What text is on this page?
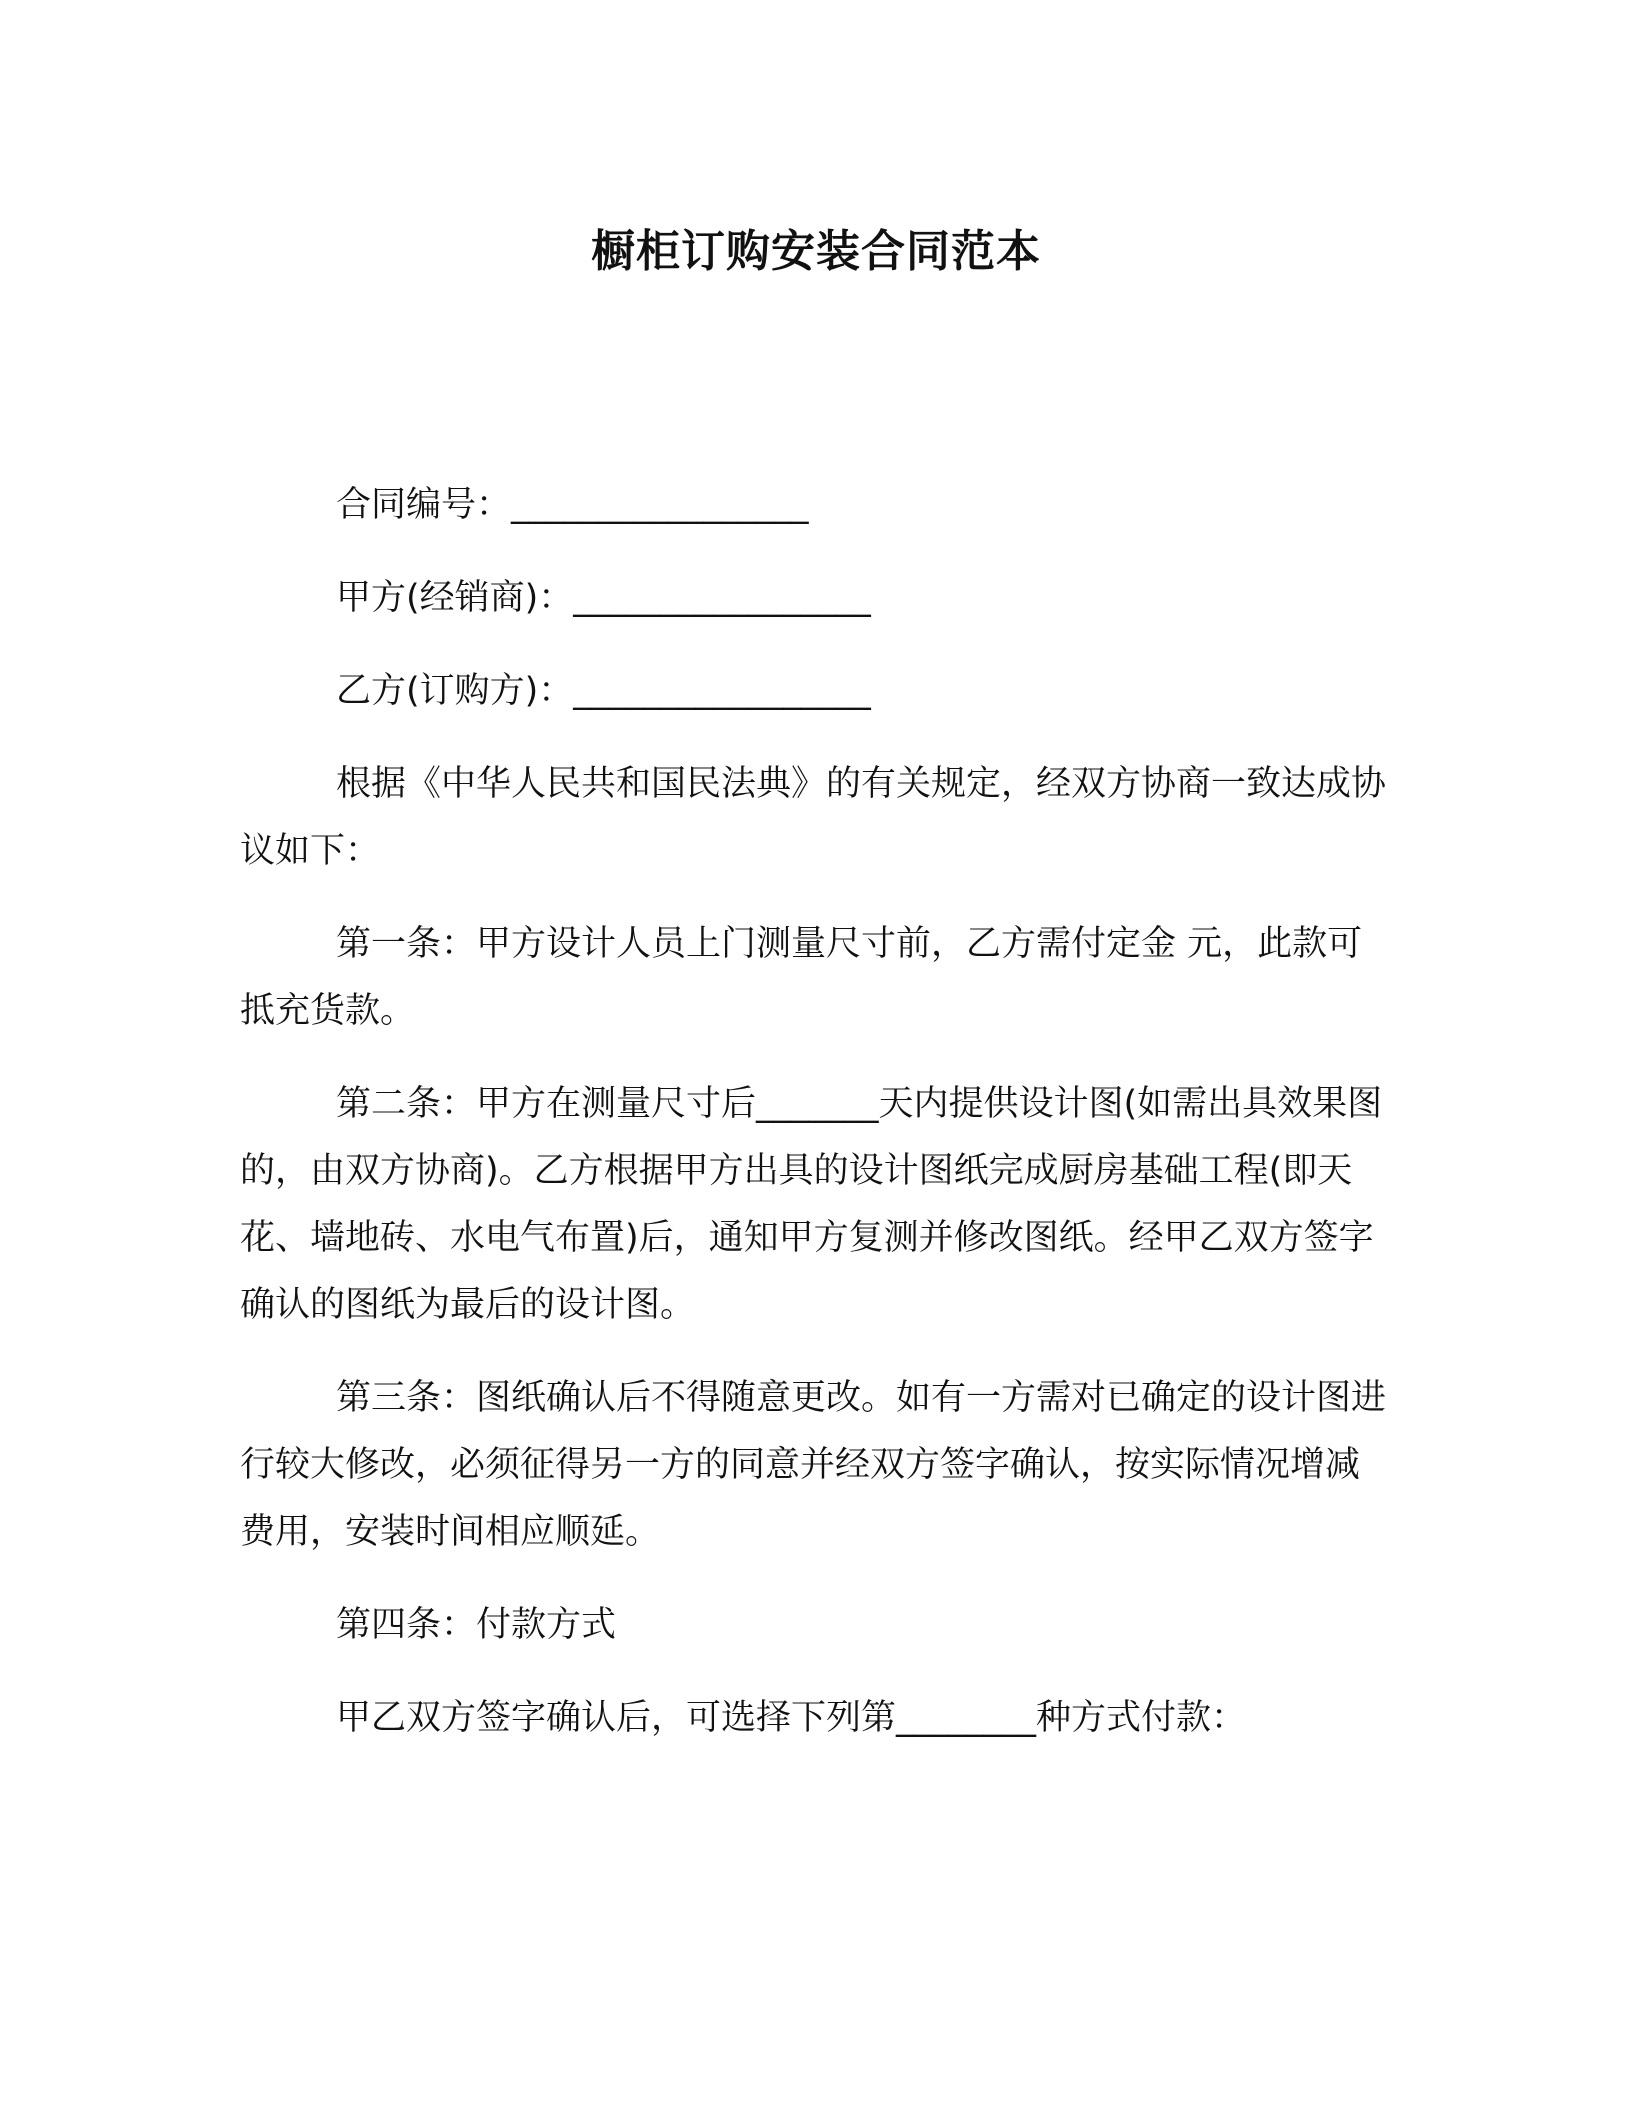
橱柜订购安装合同范本

合同编号：_________________

甲方(经销商)：_________________

乙方(订购方)：_________________

根据《中华人民共和国民法典》的有关规定，经双方协商一致达成协议如下：

第一条：甲方设计人员上门测量尺寸前，乙方需付定金 元，此款可抵充货款。

第二条：甲方在测量尺寸后_______天内提供设计图(如需出具效果图的，由双方协商)。乙方根据甲方出具的设计图纸完成厨房基础工程(即天花、墙地砖、水电气布置)后，通知甲方复测并修改图纸。经甲乙双方签字确认的图纸为最后的设计图。

第三条：图纸确认后不得随意更改。如有一方需对已确定的设计图进行较大修改，必须征得另一方的同意并经双方签字确认，按实际情况增减费用，安装时间相应顺延。

第四条：付款方式

甲乙双方签字确认后，可选择下列第________种方式付款：
